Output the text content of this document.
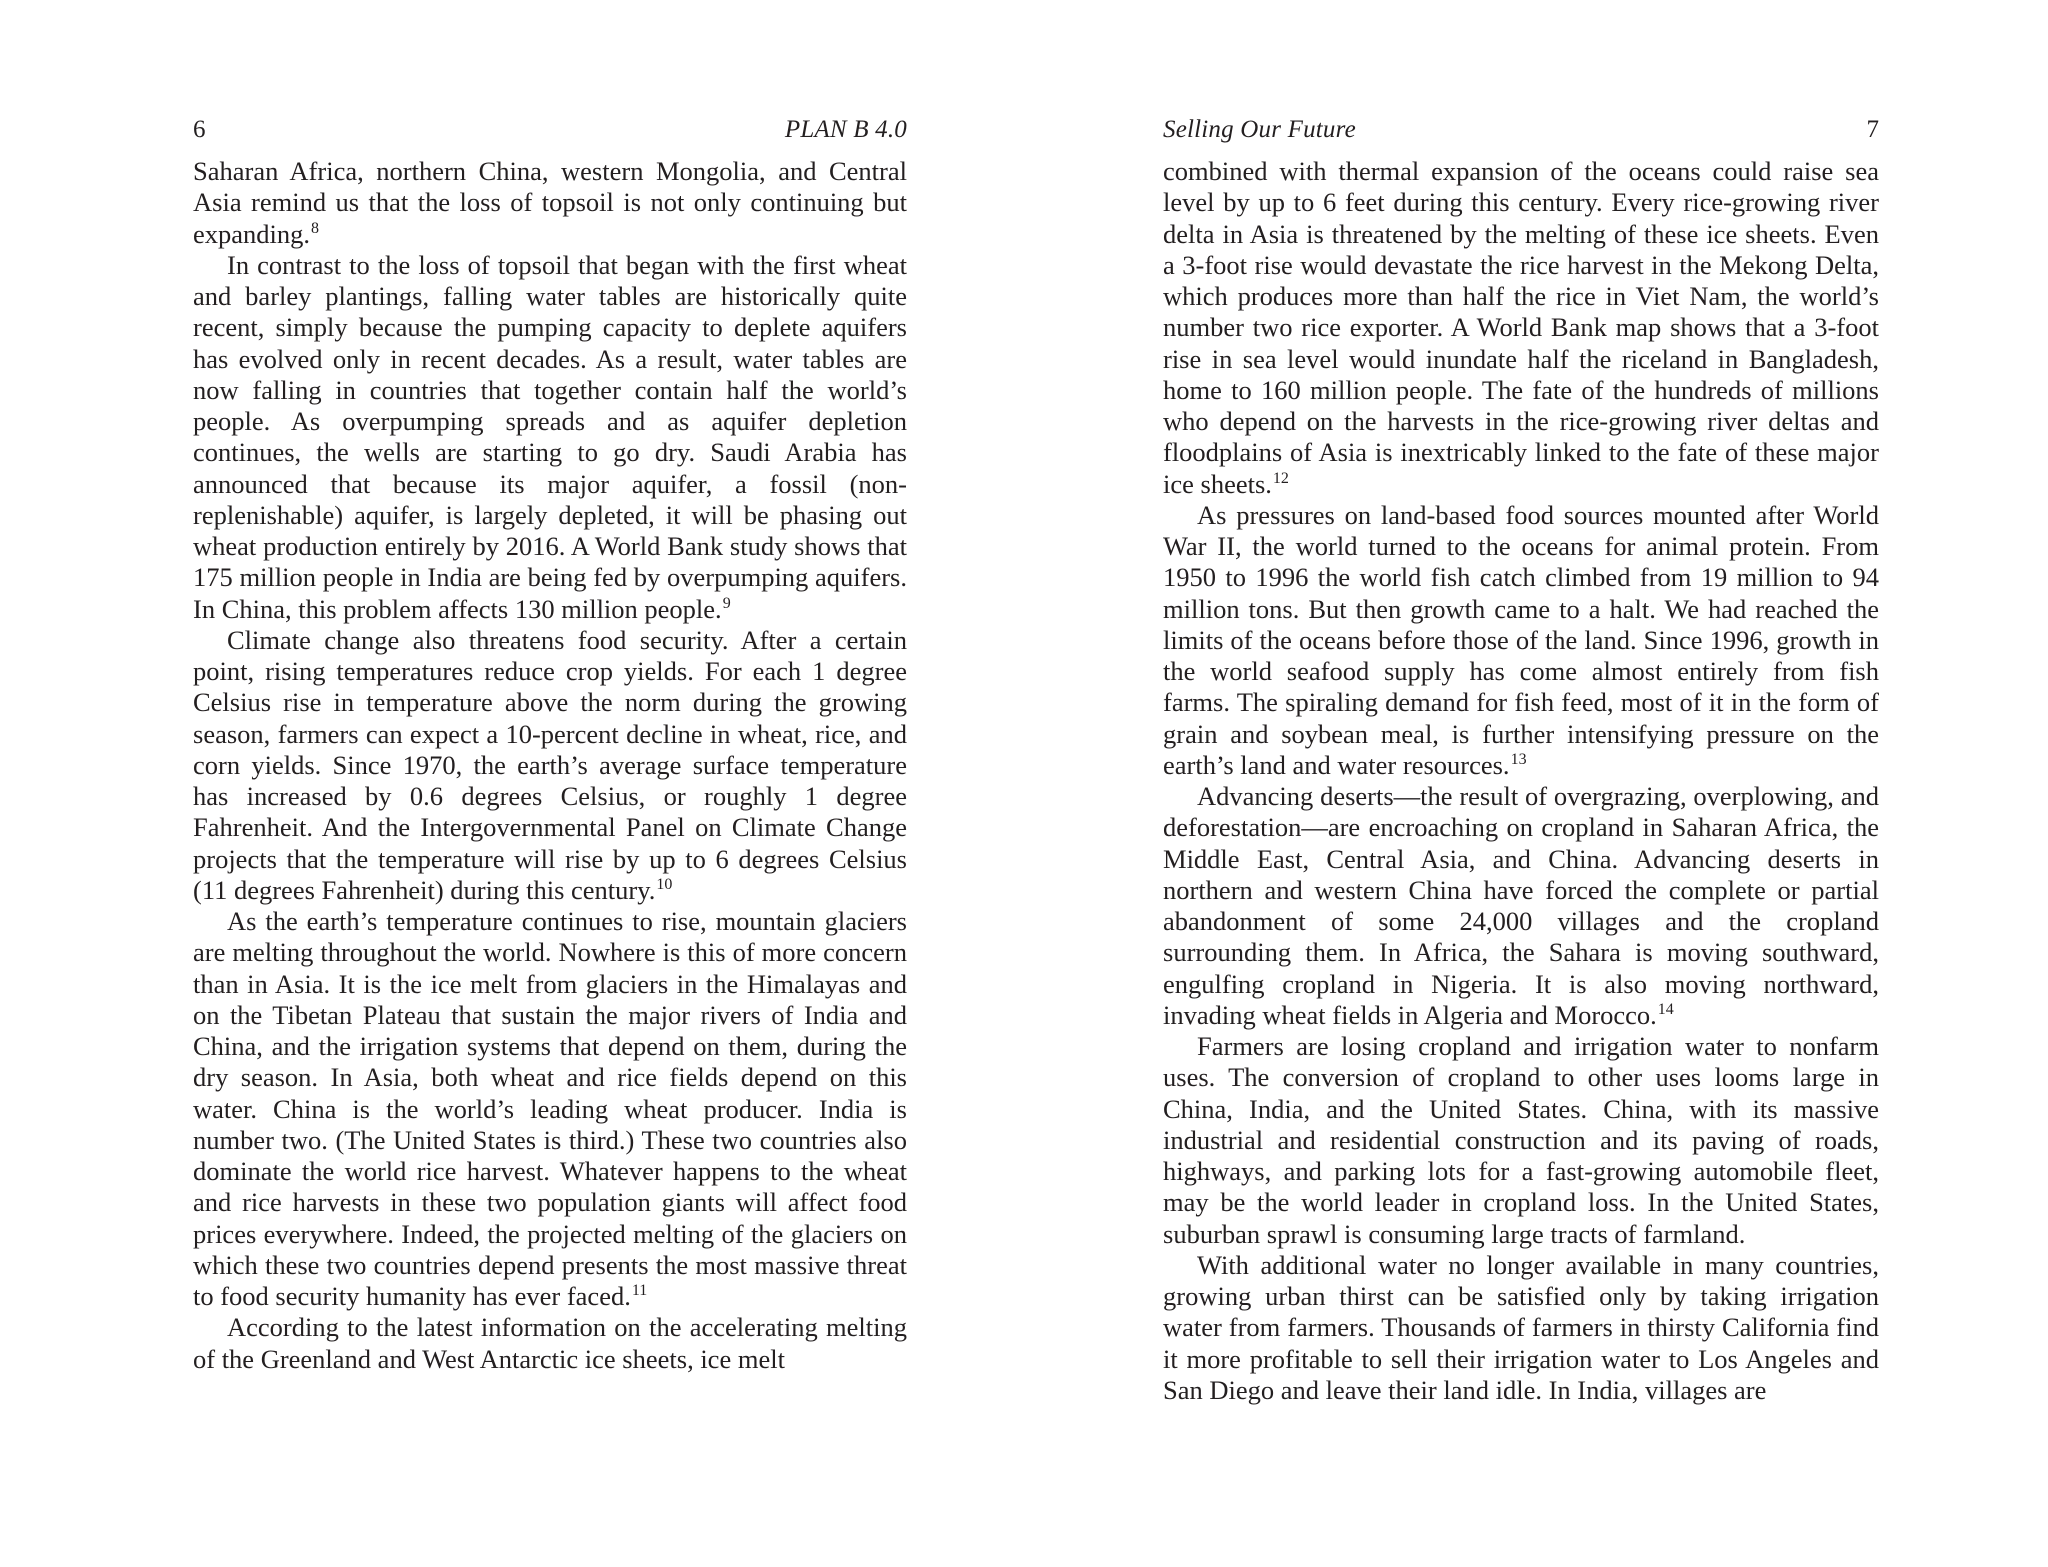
6	PLAN B 4.0

Saharan Africa, northern China, western Mongolia, and Central Asia remind us that the loss of topsoil is not only continuing but expanding.$^8$

In contrast to the loss of topsoil that began with the first wheat and barley plantings, falling water tables are historically quite recent, simply because the pumping capacity to deplete aquifers has evolved only in recent decades. As a result, water tables are now falling in countries that together contain half the world’s people. As overpumping spreads and as aquifer depletion continues, the wells are starting to go dry. Saudi Arabia has announced that because its major aquifer, a fossil (non-replenishable) aquifer, is largely depleted, it will be phasing out wheat production entirely by 2016. A World Bank study shows that 175 million people in India are being fed by overpumping aquifers. In China, this problem affects 130 million people.$^9$

Climate change also threatens food security. After a certain point, rising temperatures reduce crop yields. For each 1 degree Celsius rise in temperature above the norm during the growing season, farmers can expect a 10-percent decline in wheat, rice, and corn yields. Since 1970, the earth’s average surface temperature has increased by 0.6 degrees Celsius, or roughly 1 degree Fahrenheit. And the Intergovernmental Panel on Climate Change projects that the temperature will rise by up to 6 degrees Celsius (11 degrees Fahrenheit) during this century.$^{10}$

As the earth’s temperature continues to rise, mountain glaciers are melting throughout the world. Nowhere is this of more concern than in Asia. It is the ice melt from glaciers in the Himalayas and on the Tibetan Plateau that sustain the major rivers of India and China, and the irrigation systems that depend on them, during the dry season. In Asia, both wheat and rice fields depend on this water. China is the world’s leading wheat producer. India is number two. (The United States is third.) These two countries also dominate the world rice harvest. Whatever happens to the wheat and rice harvests in these two population giants will affect food prices everywhere. Indeed, the projected melting of the glaciers on which these two countries depend presents the most massive threat to food security humanity has ever faced.$^{11}$

According to the latest information on the accelerating melting of the Greenland and West Antarctic ice sheets, ice melt

Selling Our Future	7

combined with thermal expansion of the oceans could raise sea level by up to 6 feet during this century. Every rice-growing river delta in Asia is threatened by the melting of these ice sheets. Even a 3-foot rise would devastate the rice harvest in the Mekong Delta, which produces more than half the rice in Viet Nam, the world’s number two rice exporter. A World Bank map shows that a 3-foot rise in sea level would inundate half the riceland in Bangladesh, home to 160 million people. The fate of the hundreds of millions who depend on the harvests in the rice-growing river deltas and floodplains of Asia is inextricably linked to the fate of these major ice sheets.$^{12}$

As pressures on land-based food sources mounted after World War II, the world turned to the oceans for animal protein. From 1950 to 1996 the world fish catch climbed from 19 million to 94 million tons. But then growth came to a halt. We had reached the limits of the oceans before those of the land. Since 1996, growth in the world seafood supply has come almost entirely from fish farms. The spiraling demand for fish feed, most of it in the form of grain and soybean meal, is further intensifying pressure on the earth’s land and water resources.$^{13}$

Advancing deserts—the result of overgrazing, overplowing, and deforestation—are encroaching on cropland in Saharan Africa, the Middle East, Central Asia, and China. Advancing deserts in northern and western China have forced the complete or partial abandonment of some 24,000 villages and the cropland surrounding them. In Africa, the Sahara is moving southward, engulfing cropland in Nigeria. It is also moving northward, invading wheat fields in Algeria and Morocco.$^{14}$

Farmers are losing cropland and irrigation water to nonfarm uses. The conversion of cropland to other uses looms large in China, India, and the United States. China, with its massive industrial and residential construction and its paving of roads, highways, and parking lots for a fast-growing automobile fleet, may be the world leader in cropland loss. In the United States, suburban sprawl is consuming large tracts of farmland.

With additional water no longer available in many countries, growing urban thirst can be satisfied only by taking irrigation water from farmers. Thousands of farmers in thirsty California find it more profitable to sell their irrigation water to Los Angeles and San Diego and leave their land idle. In India, villages are
